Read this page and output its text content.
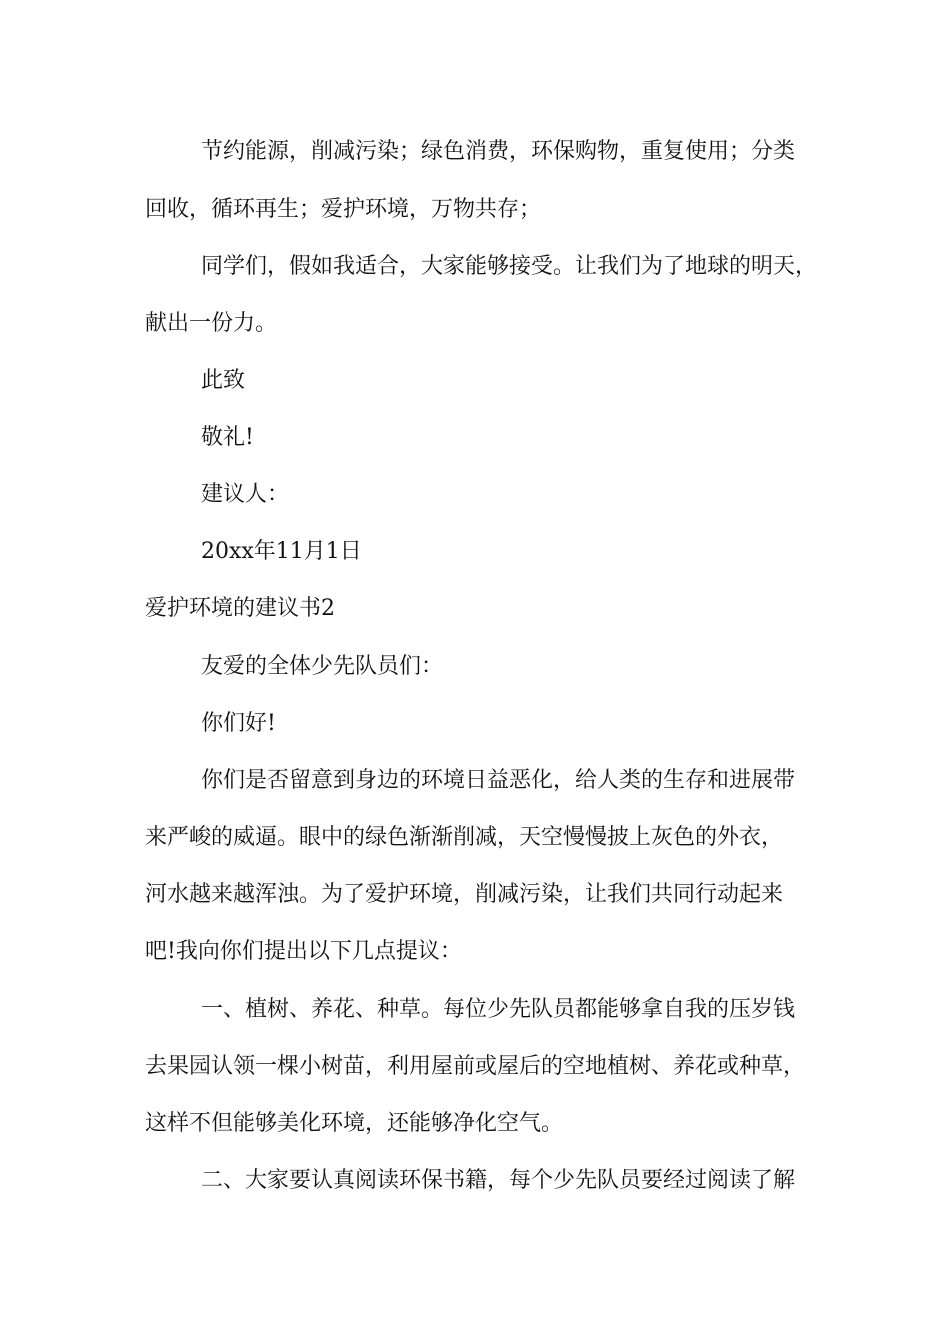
节约能源，削减污染；绿色消费，环保购物，重复使用；分类
回收，循环再生；爱护环境，万物共存；
同学们，假如我适合，大家能够接受。让我们为了地球的明天，
献出一份力。
此致
敬礼!
建议人：
20xx年11月1日
爱护环境的建议书2
友爱的全体少先队员们：
你们好!
你们是否留意到身边的环境日益恶化，给人类的生存和进展带
来严峻的威逼。眼中的绿色渐渐削减，天空慢慢披上灰色的外衣，
河水越来越浑浊。为了爱护环境，削减污染，让我们共同行动起来
吧!我向你们提出以下几点提议：
一、植树、养花、种草。每位少先队员都能够拿自我的压岁钱
去果园认领一棵小树苗，利用屋前或屋后的空地植树、养花或种草，
这样不但能够美化环境，还能够净化空气。
二、大家要认真阅读环保书籍，每个少先队员要经过阅读了解
